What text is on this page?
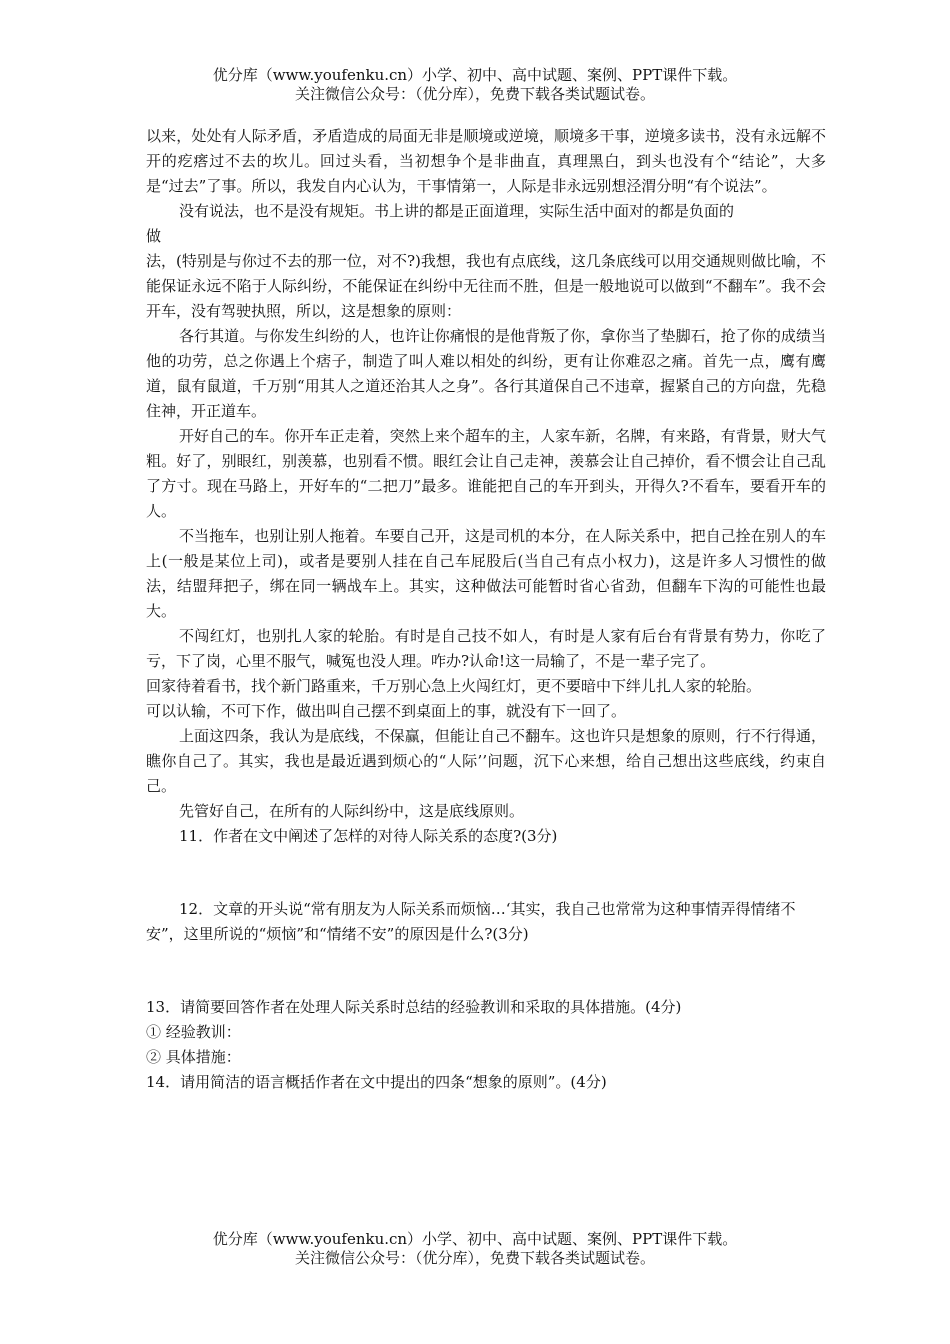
优分库（www.youfenku.cn）小学、初中、高中试题、案例、PPT课件下载。
关注微信公众号：（优分库），免费下载各类试题试卷。

以来，处处有人际矛盾，矛盾造成的局面无非是顺境或逆境，顺境多干事，逆境多读书，没有永远解不开的疙瘩过不去的坎儿。回过头看，当初想争个是非曲直，真理黑白，到头也没有个“结论”，大多是“过去”了事。所以，我发自内心认为，干事情第一，人际是非永远别想泾渭分明“有个说法”。

没有说法，也不是没有规矩。书上讲的都是正面道理，实际生活中面对的都是负面的

做

法，(特别是与你过不去的那一位，对不?)我想，我也有点底线，这几条底线可以用交通规则做比喻，不能保证永远不陷于人际纠纷，不能保证在纠纷中无往而不胜，但是一般地说可以做到“不翻车”。我不会开车，没有驾驶执照，所以，这是想象的原则：

各行其道。与你发生纠纷的人，也许让你痛恨的是他背叛了你，拿你当了垫脚石，抢了你的成绩当他的功劳，总之你遇上个痞子，制造了叫人难以相处的纠纷，更有让你难忍之痛。首先一点，鹰有鹰道，鼠有鼠道，千万别“用其人之道还治其人之身”。各行其道保自己不违章，握紧自己的方向盘，先稳住神，开正道车。

开好自己的车。你开车正走着，突然上来个超车的主，人家车新，名牌，有来路，有背景，财大气粗。好了，别眼红，别羡慕，也别看不惯。眼红会让自己走神，羡慕会让自己掉价，看不惯会让自己乱了方寸。现在马路上，开好车的“二把刀”最多。谁能把自己的车开到头，开得久?不看车，要看开车的人。

不当拖车，也别让别人拖着。车要自己开，这是司机的本分，在人际关系中，把自己拴在别人的车上(一般是某位上司)，或者是要别人挂在自己车屁股后(当自己有点小权力)，这是许多人习惯性的做法，结盟拜把子，绑在同一辆战车上。其实，这种做法可能暂时省心省劲，但翻车下沟的可能性也最大。

不闯红灯，也别扎人家的轮胎。有时是自己技不如人，有时是人家有后台有背景有势力，你吃了亏，下了岗，心里不服气，喊冤也没人理。咋办?认命!这一局输了，不是一辈子完了。

回家待着看书，找个新门路重来，千万别心急上火闯红灯，更不要暗中下绊儿扎人家的轮胎。

可以认输，不可下作，做出叫自己摆不到桌面上的事，就没有下一回了。

上面这四条，我认为是底线，不保赢，但能让自己不翻车。这也许只是想象的原则，行不行得通，瞧你自己了。其实，我也是最近遇到烦心的“人际’’问题，沉下心来想，给自己想出这些底线，约束自己。

先管好自己，在所有的人际纠纷中，这是底线原则。

11．作者在文中阐述了怎样的对待人际关系的态度?(3分)

12．文章的开头说“常有朋友为人际关系而烦恼…‘其实，我自己也常常为这种事情弄得情绪不安”，这里所说的“烦恼”和“情绪不安”的原因是什么?(3分)

13．请简要回答作者在处理人际关系时总结的经验教训和采取的具体措施。(4分)

① 经验教训：

② 具体措施：

14．请用简洁的语言概括作者在文中提出的四条“想象的原则”。(4分)

优分库（www.youfenku.cn）小学、初中、高中试题、案例、PPT课件下载。
关注微信公众号：（优分库），免费下载各类试题试卷。
